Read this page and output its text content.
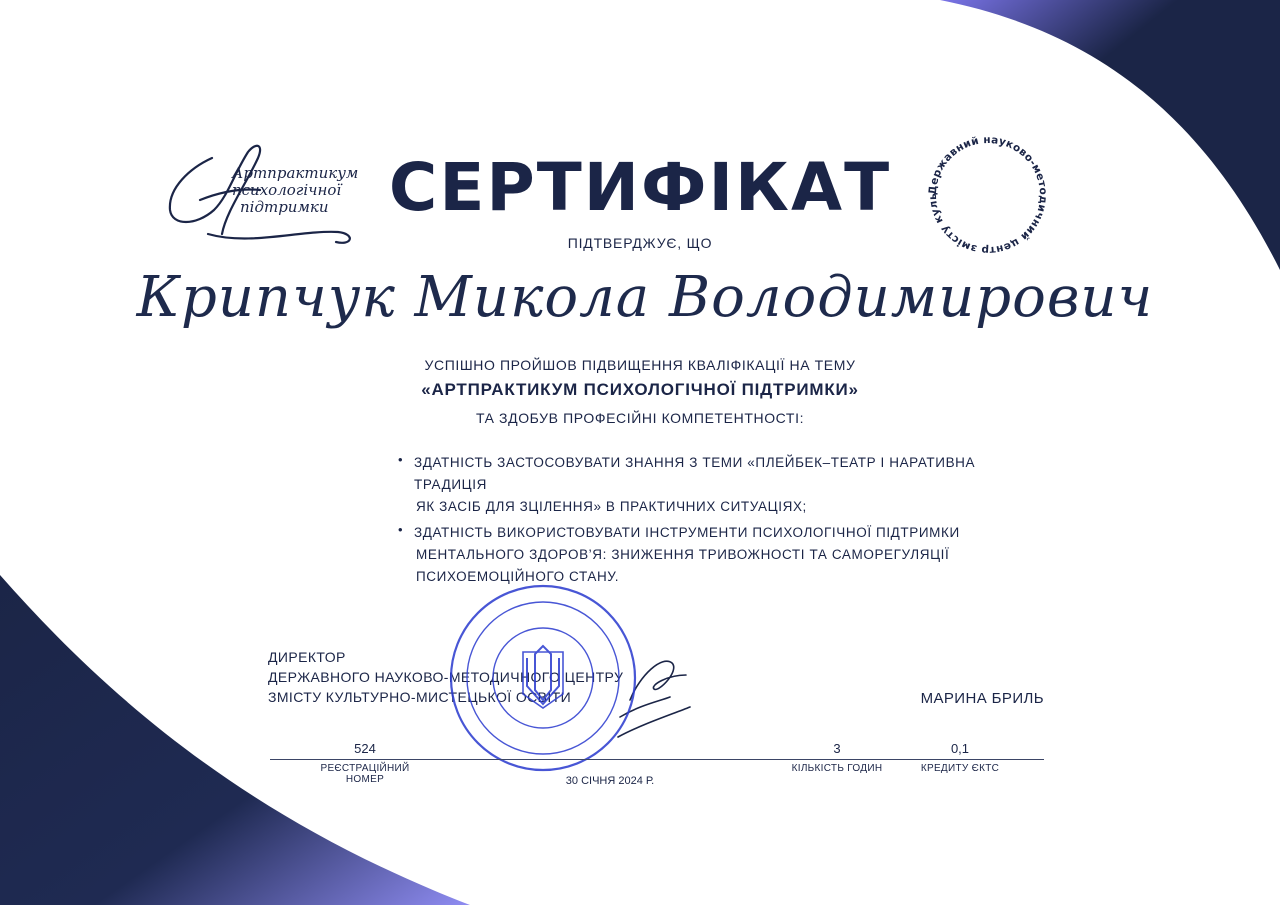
Артпрактикум
психологічної
підтримки СЕРТИФІКАТ
ПІДТВЕРДЖУЄ, ЩО
Державний науково-методичний центр змісту куль
Крипчук Микола Володимирович
УСПІШНО ПРОЙШОВ ПІДВИЩЕННЯ КВАЛІФІКАЦІЇ НА ТЕМУ
«АРТПРАКТИКУМ ПСИХОЛОГІЧНОЇ ПІДТРИМКИ»
ТА ЗДОБУВ ПРОФЕСІЙНІ КОМПЕТЕНТНОСТІ:
• ЗДАТНІСТЬ ЗАСТОСОВУВАТИ ЗНАННЯ З ТЕМИ «ПЛЕЙБЕК–ТЕАТР І НАРАТИВНА ТРАДИЦІЯ
ЯК ЗАСІБ ДЛЯ ЗЦІЛЕННЯ» В ПРАКТИЧНИХ СИТУАЦІЯХ;
• ЗДАТНІСТЬ ВИКОРИСТОВУВАТИ ІНСТРУМЕНТИ ПСИХОЛОГІЧНОЇ ПІДТРИМКИ
МЕНТАЛЬНОГО ЗДОРОВ’Я: ЗНИЖЕННЯ ТРИВОЖНОСТІ ТА САМОРЕГУЛЯЦІЇ
ПСИХОЕМОЦІЙНОГО СТАНУ.
ДИРЕКТОР
ДЕРЖАВНОГО НАУКОВО-МЕТОДИЧНОГО ЦЕНТРУ
ЗМІСТУ КУЛЬТУРНО-МИСТЕЦЬКОЇ ОСВІТИ	МАРИНА БРИЛЬ
524
РЕЄСТРАЦІЙНИЙ НОМЕР	30 СІЧНЯ 2024 Р.
3
КІЛЬКІСТЬ ГОДИН
0,1
КРЕДИТУ ЄКТС
